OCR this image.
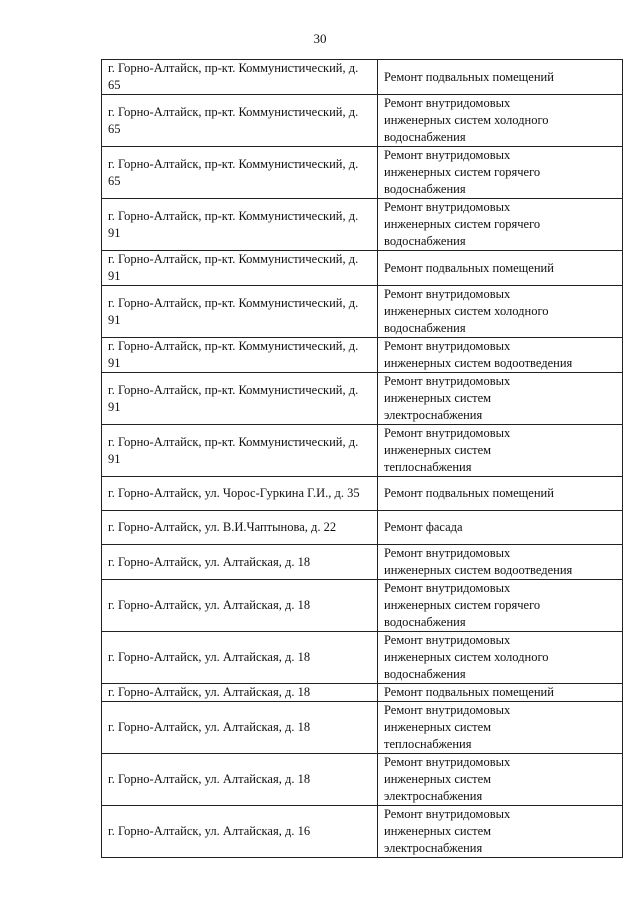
30
г. Горно-Алтайск, пр-кт. Коммунистический, д. 65	Ремонт подвальных помещений

г. Горно-Алтайск, пр-кт. Коммунистический, д. 65	Ремонт внутридомовых
инженерных систем холодного
водоснабжения

г. Горно-Алтайск, пр-кт. Коммунистический, д. 65	Ремонт внутридомовых
инженерных систем горячего
водоснабжения

г. Горно-Алтайск, пр-кт. Коммунистический, д. 91	Ремонт внутридомовых
инженерных систем горячего
водоснабжения

г. Горно-Алтайск, пр-кт. Коммунистический, д. 91	Ремонт подвальных помещений

г. Горно-Алтайск, пр-кт. Коммунистический, д. 91	Ремонт внутридомовых
инженерных систем холодного
водоснабжения

г. Горно-Алтайск, пр-кт. Коммунистический, д. 91	Ремонт внутридомовых
инженерных систем водоотведения

г. Горно-Алтайск, пр-кт. Коммунистический, д. 91	Ремонт внутридомовых
инженерных систем
электроснабжения

г. Горно-Алтайск, пр-кт. Коммунистический, д. 91	Ремонт внутридомовых
инженерных систем
теплоснабжения

г. Горно-Алтайск, ул. Чорос-Гуркина Г.И., д. 35	Ремонт подвальных помещений

г. Горно-Алтайск, ул. В.И.Чаптынова, д. 22	Ремонт фасада

г. Горно-Алтайск, ул. Алтайская, д. 18	Ремонт внутридомовых
инженерных систем водоотведения

г. Горно-Алтайск, ул. Алтайская, д. 18	Ремонт внутридомовых
инженерных систем горячего
водоснабжения

г. Горно-Алтайск, ул. Алтайская, д. 18	Ремонт внутридомовых
инженерных систем холодного
водоснабжения

г. Горно-Алтайск, ул. Алтайская, д. 18	Ремонт подвальных помещений

г. Горно-Алтайск, ул. Алтайская, д. 18	Ремонт внутридомовых
инженерных систем
теплоснабжения

г. Горно-Алтайск, ул. Алтайская, д. 18	Ремонт внутридомовых
инженерных систем
электроснабжения

г. Горно-Алтайск, ул. Алтайская, д. 16	Ремонт внутридомовых
инженерных систем
электроснабжения
